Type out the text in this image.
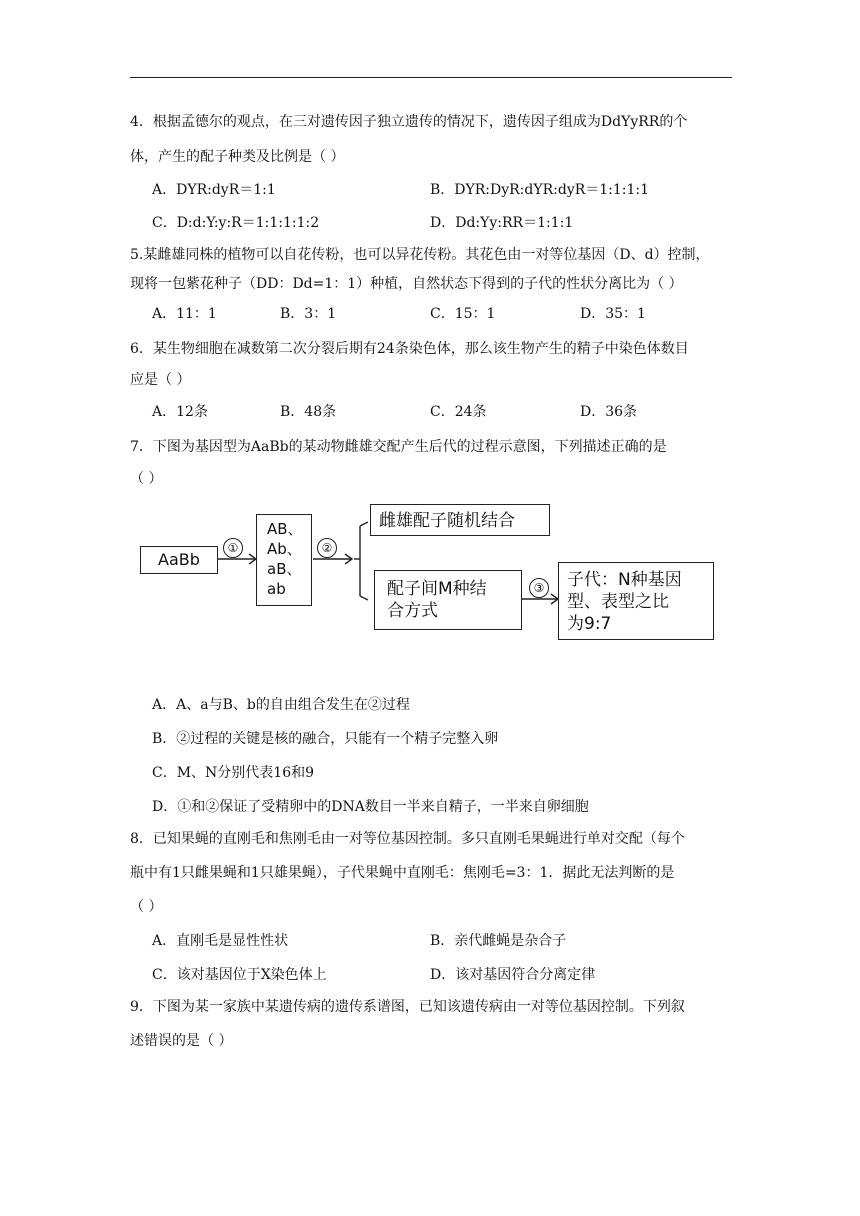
4．根据孟德尔的观点，在三对遗传因子独立遗传的情况下，遗传因子组成为DdYyRR的个
体，产生的配子种类及比例是（ ）
A．DYR:dyR＝1:1	B．DYR:DyR:dYR:dyR＝1:1:1:1
C．D:d:Y:y:R＝1:1:1:1:2	D．Dd:Yy:RR＝1:1:1
5.某雌雄同株的植物可以自花传粉，也可以异花传粉。其花色由一对等位基因（D、d）控制，
现将一包紫花种子（DD：Dd=1：1）种植，自然状态下得到的子代的性状分离比为（ ）
A．11：1	B．3：1	C．15：1	D．35：1
6．某生物细胞在减数第二次分裂后期有24条染色体，那么该生物产生的精子中染色体数目
应是（ ）
A．12条	B．48条	C．24条	D．36条
7．下图为基因型为AaBb的某动物雌雄交配产生后代的过程示意图，下列描述正确的是
（ ）
AaBb
①
AB、
Ab、
aB、
ab
②
雌雄配子随机结合
配子间M种结
合方式
③ 子代：N种基因
型、表型之比
为9:7
A．A、a与B、b的自由组合发生在②过程
B．②过程的关键是核的融合，只能有一个精子完整入卵
C．M、N分别代表16和9
D．①和②保证了受精卵中的DNA数目一半来自精子，一半来自卵细胞
8．已知果蝇的直刚毛和焦刚毛由一对等位基因控制。多只直刚毛果蝇进行单对交配（每个
瓶中有1只雌果蝇和1只雄果蝇），子代果蝇中直刚毛：焦刚毛=3：1．据此无法判断的是
（ ）
A．直刚毛是显性性状	B．亲代雌蝇是杂合子
C．该对基因位于X染色体上	D．该对基因符合分离定律
9．下图为某一家族中某遗传病的遗传系谱图，已知该遗传病由一对等位基因控制。下列叙
述错误的是（ ）
